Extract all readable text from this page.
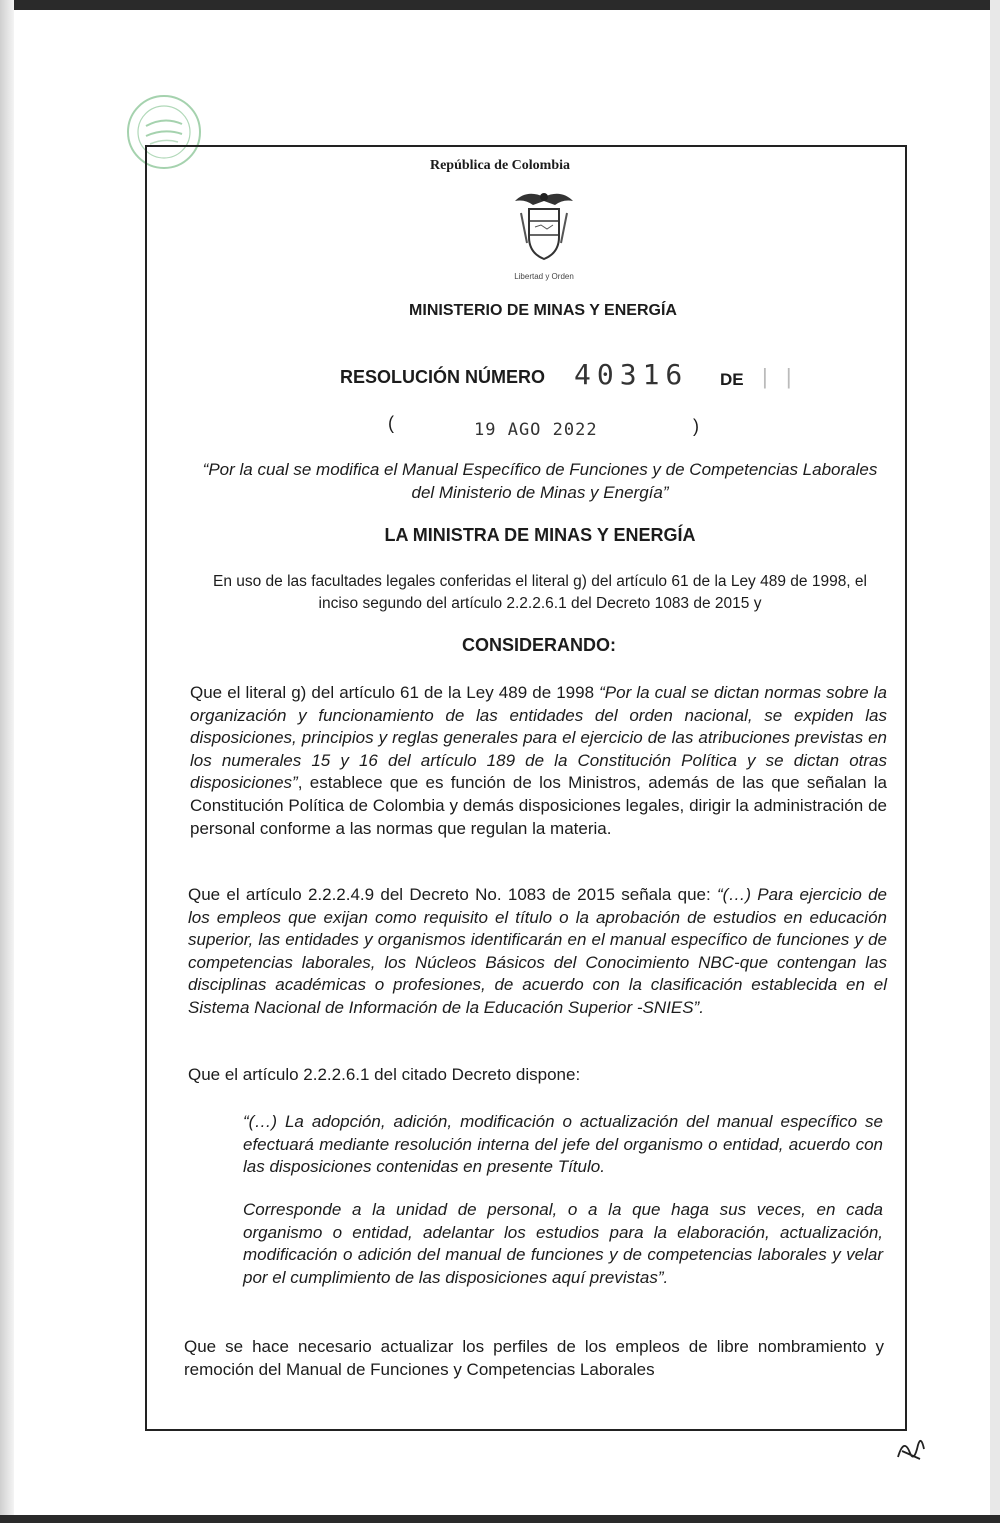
República de Colombia
Libertad y Orden
MINISTERIO DE MINAS Y ENERGÍA
RESOLUCIÓN NÚMERO 40316 DE | |
(	19 AGO 2022	)
“Por la cual se modifica el Manual Específico de Funciones y de Competencias Laborales del Ministerio de Minas y Energía”
LA MINISTRA DE MINAS Y ENERGÍA
En uso de las facultades legales conferidas el literal g) del artículo 61 de la Ley 489 de 1998, el inciso segundo del artículo 2.2.2.6.1 del Decreto 1083 de 2015 y
CONSIDERANDO:
Que el literal g) del artículo 61 de la Ley 489 de 1998 “Por la cual se dictan normas sobre la organización y funcionamiento de las entidades del orden nacional, se expiden las disposiciones, principios y reglas generales para el ejercicio de las atribuciones previstas en los numerales 15 y 16 del artículo 189 de la Constitución Política y se dictan otras disposiciones”, establece que es función de los Ministros, además de las que señalan la Constitución Política de Colombia y demás disposiciones legales, dirigir la administración de personal conforme a las normas que regulan la materia.
Que el artículo 2.2.2.4.9 del Decreto No. 1083 de 2015 señala que: “(…) Para ejercicio de los empleos que exijan como requisito el título o la aprobación de estudios en educación superior, las entidades y organismos identificarán en el manual específico de funciones y de competencias laborales, los Núcleos Básicos del Conocimiento NBC-que contengan las disciplinas académicas o profesiones, de acuerdo con la clasificación establecida en el Sistema Nacional de Información de la Educación Superior -SNIES”.
Que el artículo 2.2.2.6.1 del citado Decreto dispone:
“(…) La adopción, adición, modificación o actualización del manual específico se efectuará mediante resolución interna del jefe del organismo o entidad, acuerdo con las disposiciones contenidas en presente Título.
Corresponde a la unidad de personal, o a la que haga sus veces, en cada organismo o entidad, adelantar los estudios para la elaboración, actualización, modificación o adición del manual de funciones y de competencias laborales y velar por el cumplimiento de las disposiciones aquí previstas”.
Que se hace necesario actualizar los perfiles de los empleos de libre nombramiento y remoción del Manual de Funciones y Competencias Laborales
